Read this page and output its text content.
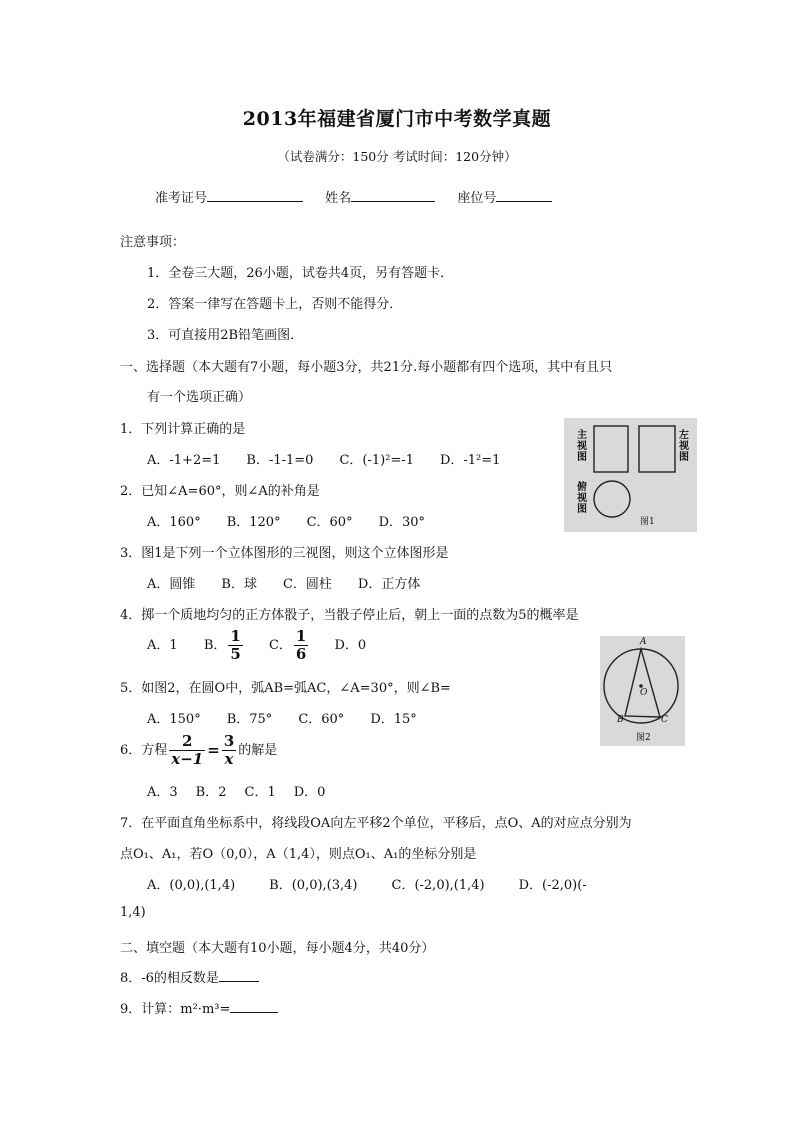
2013年福建省厦门市中考数学真题
（试卷满分：150分 考试时间：120分钟）
准考证号	姓名	座位号
注意事项：
1．全卷三大题，26小题，试卷共4页，另有答题卡．
2．答案一律写在答题卡上，否则不能得分．
3．可直接用2B铅笔画图．
一、选择题（本大题有7小题，每小题3分，共21分.每小题都有四个选项，其中有且只
有一个选项正确）
1．下列计算正确的是
A．-1+2=1 B．-1-1=0 C．(-1)²=-1 D．-1²=1
2．已知∠A=60°，则∠A的补角是
A．160° B．120° C．60° D．30°
3．图1是下列一个立体图形的三视图，则这个立体图形是
A．圆锥 B．球 C．圆柱 D．正方体
4．掷一个质地均匀的正方体骰子，当骰子停止后，朝上一面的点数为5的概率是
A．1 B． $\frac{1}{5}$ C． $\frac{1}{6}$ D．0
5．如图2，在圆O中，弧AB=弧AC，∠A=30°，则∠B=
A．150° B．75° C．60° D．15°
6．方程 $\frac{2}{x-1} = \frac{3}{x}$ 的解是
A．3 B．2 C．1 D．0
7．在平面直角坐标系中，将线段OA向左平移2个单位，平移后，点O、A的对应点分别为
点O₁、A₁，若O（0,0），A（1,4），则点O₁、A₁的坐标分别是
A．(0,0),(1,4)	B．(0,0),(3,4)	C．(-2,0),(1,4)	D．(-2,0)(-
1,4)
二、填空题（本大题有10小题，每小题4分，共40分）
8．-6的相反数是
9．计算：m²·m³=
主视图
左视图
俯视图
图1
A
B	C
O
图2
